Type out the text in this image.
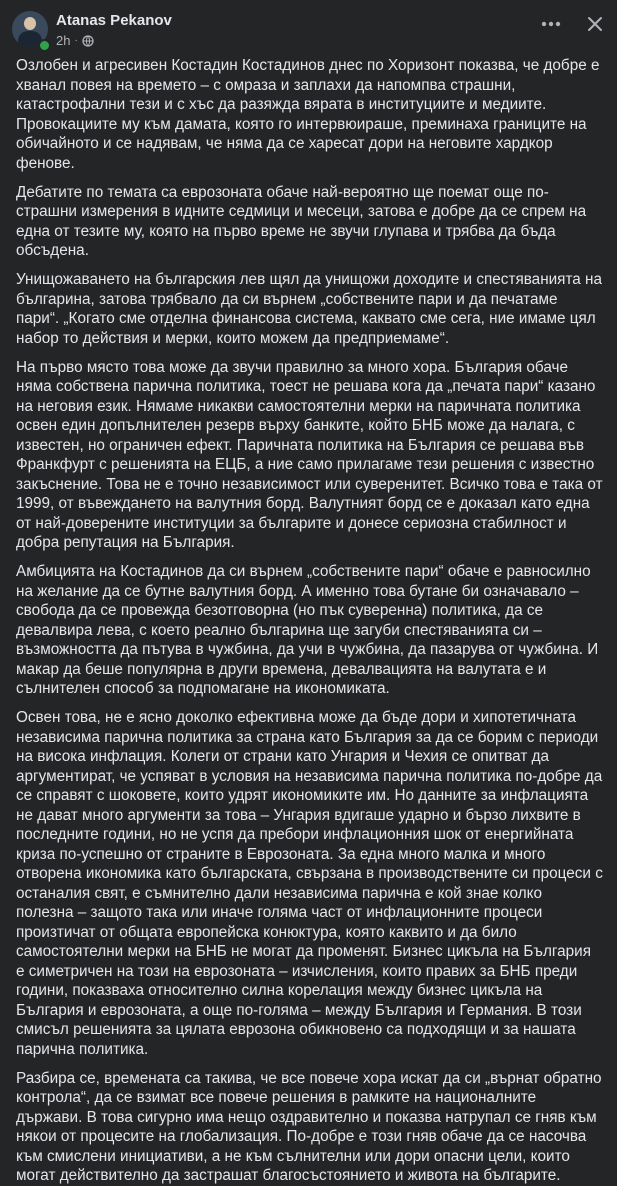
Atanas Pekanov
2h ·

Озлобен и агресивен Костадин Костадинов днес по Хоризонт показва, че добре е хванал повея на времето – с омраза и заплахи да напомпва страшни, катастрофални тези и с хъс да разяжда вярата в институциите и медиите. Провокациите му към дамата, която го интервюираше, преминаха границите на обичайното и се надявам, че няма да се харесат дори на неговите хардкор фенове.

Дебатите по темата са еврозоната обаче най-вероятно ще поемат още по-страшни измерения в идните седмици и месеци, затова е добре да се спрем на една от тезите му, която на първо време не звучи глупава и трябва да бъда обсъдена.

Унищожаването на българския лев щял да унищожи доходите и спестяванията на българина, затова трябвало да си върнем „собствените пари и да печатаме пари“. „Когато сме отделна финансова система, каквато сме сега, ние имаме цял набор то действия и мерки, които можем да предприемаме“.

На първо място това може да звучи правилно за много хора. България обаче няма собствена парична политика, тоест не решава кога да „печата пари“ казано на неговия език. Нямаме никакви самостоятелни мерки на паричната политика освен един допълнителен резерв върху банките, който БНБ може да налага, с известен, но ограничен ефект. Паричната политика на България се решава във Франкфурт с решенията на ЕЦБ, а ние само прилагаме тези решения с известно закъснение. Това не е точно независимост или суверенитет. Всичко това е така от 1999, от въвеждането на валутния борд. Валутният борд се е доказал като една от най-доверените институции за българите и донесе сериозна стабилност и добра репутация на България.

Амбицията на Костадинов да си върнем „собствените пари“ обаче е равносилно на желание да се бутне валутния борд. А именно това бутане би означавало – свобода да се провежда безотговорна (но пък суверенна) политика, да се девалвира лева, с което реално българина ще загуби спестяванията си – възможността да пътува в чужбина, да учи в чужбина, да пазарува от чужбина. И макар да беше популярна в други времена, девалвацията на валутата е и сълнителен способ за подпомагане на икономиката.

Освен това, не е ясно доколко ефективна може да бъде дори и хипотетичната независима парична политика за страна като България за да се борим с периоди на висока инфлация. Колеги от страни като Унгария и Чехия се опитват да аргументират, че успяват в условия на независима парична политика по-добре да се справят с шоковете, които удрят икономиките им. Но данните за инфлацията не дават много аргументи за това – Унгария вдигаше ударно и бързо лихвите в последните години, но не успя да пребори инфлационния шок от енергийната криза по-успешно от страните в Еврозоната. За една много малка и много отворена икономика като българската, свързана в производствените си процеси с останалия свят, е съмнително дали независима парична е кой знае колко полезна – защото така или иначе голяма част от инфлационните процеси произтичат от общата европейска конюктура, която каквито и да било самостоятелни мерки на БНБ не могат да променят. Бизнес цикъла на България е симетричен на този на еврозоната – изчисления, които правих за БНБ преди години, показваха относително силна корелация между бизнес цикъла на България и еврозоната, а още по-голяма – между България и Германия. В този смисъл решенията за цялата еврозона обикновено са подходящи и за нашата парична политика.

Разбира се, времената са такива, че все повече хора искат да си „върнат обратно контрола“, да се взимат все повече решения в рамките на националните държави. В това сигурно има нещо оздравително и показва натрупал се гняв към някои от процесите на глобализация. По-добре е този гняв обаче да се насочва към смислени инициативи, а не към сълнителни или дори опасни цели, които могат действително да застрашат благосъстоянието и живота на българите.
